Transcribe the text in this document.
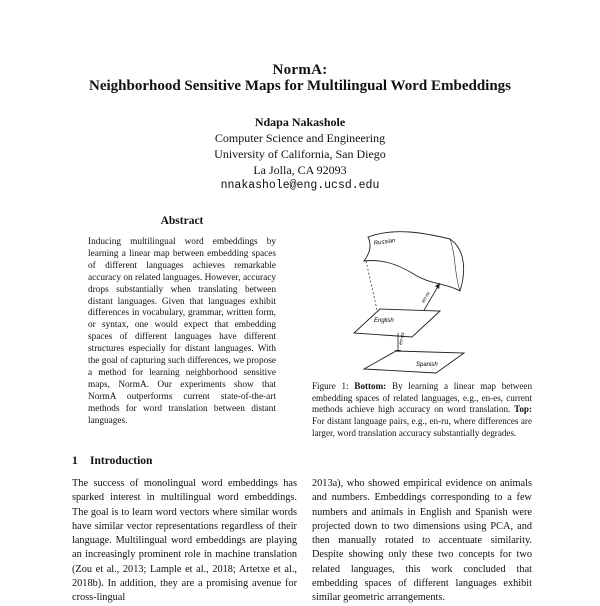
NormA:
Neighborhood Sensitive Maps for Multilingual Word Embeddings
Ndapa Nakashole
Computer Science and Engineering
University of California, San Diego
La Jolla, CA 92093
nnakashole@eng.ucsd.edu
Abstract
Inducing multilingual word embeddings by learning a linear map between embedding spaces of different languages achieves remarkable accuracy on related languages. However, accuracy drops substantially when translating between distant languages. Given that languages exhibit differences in vocabulary, grammar, written form, or syntax, one would expect that embedding spaces of different languages have different structures especially for distant languages. With the goal of capturing such differences, we propose a method for learning neighborhood sensitive maps, NormA. Our experiments show that NormA outperforms current state-of-the-art methods for word translation between distant languages.
Russian
en-ru
English
en-es
Spanish
Figure 1: Bottom: By learning a linear map between embedding spaces of related languages, e.g., en-es, current methods achieve high accuracy on word translation. Top: For distant language pairs, e.g., en-ru, where differences are larger, word translation accuracy substantially degrades.
1 Introduction
The success of monolingual word embeddings has sparked interest in multilingual word embeddings. The goal is to learn word vectors where similar words have similar vector representations regardless of their language. Multilingual word embeddings are playing an increasingly prominent role in machine translation (Zou et al., 2013; Lample et al., 2018; Artetxe et al., 2018b). In addition, they are a promising avenue for cross-lingual
2013a), who showed empirical evidence on animals and numbers. Embeddings corresponding to a few numbers and animals in English and Spanish were projected down to two dimensions using PCA, and then manually rotated to accentuate similarity. Despite showing only these two concepts for two related languages, this work concluded that embedding spaces of different languages exhibit similar geometric arrangements.
